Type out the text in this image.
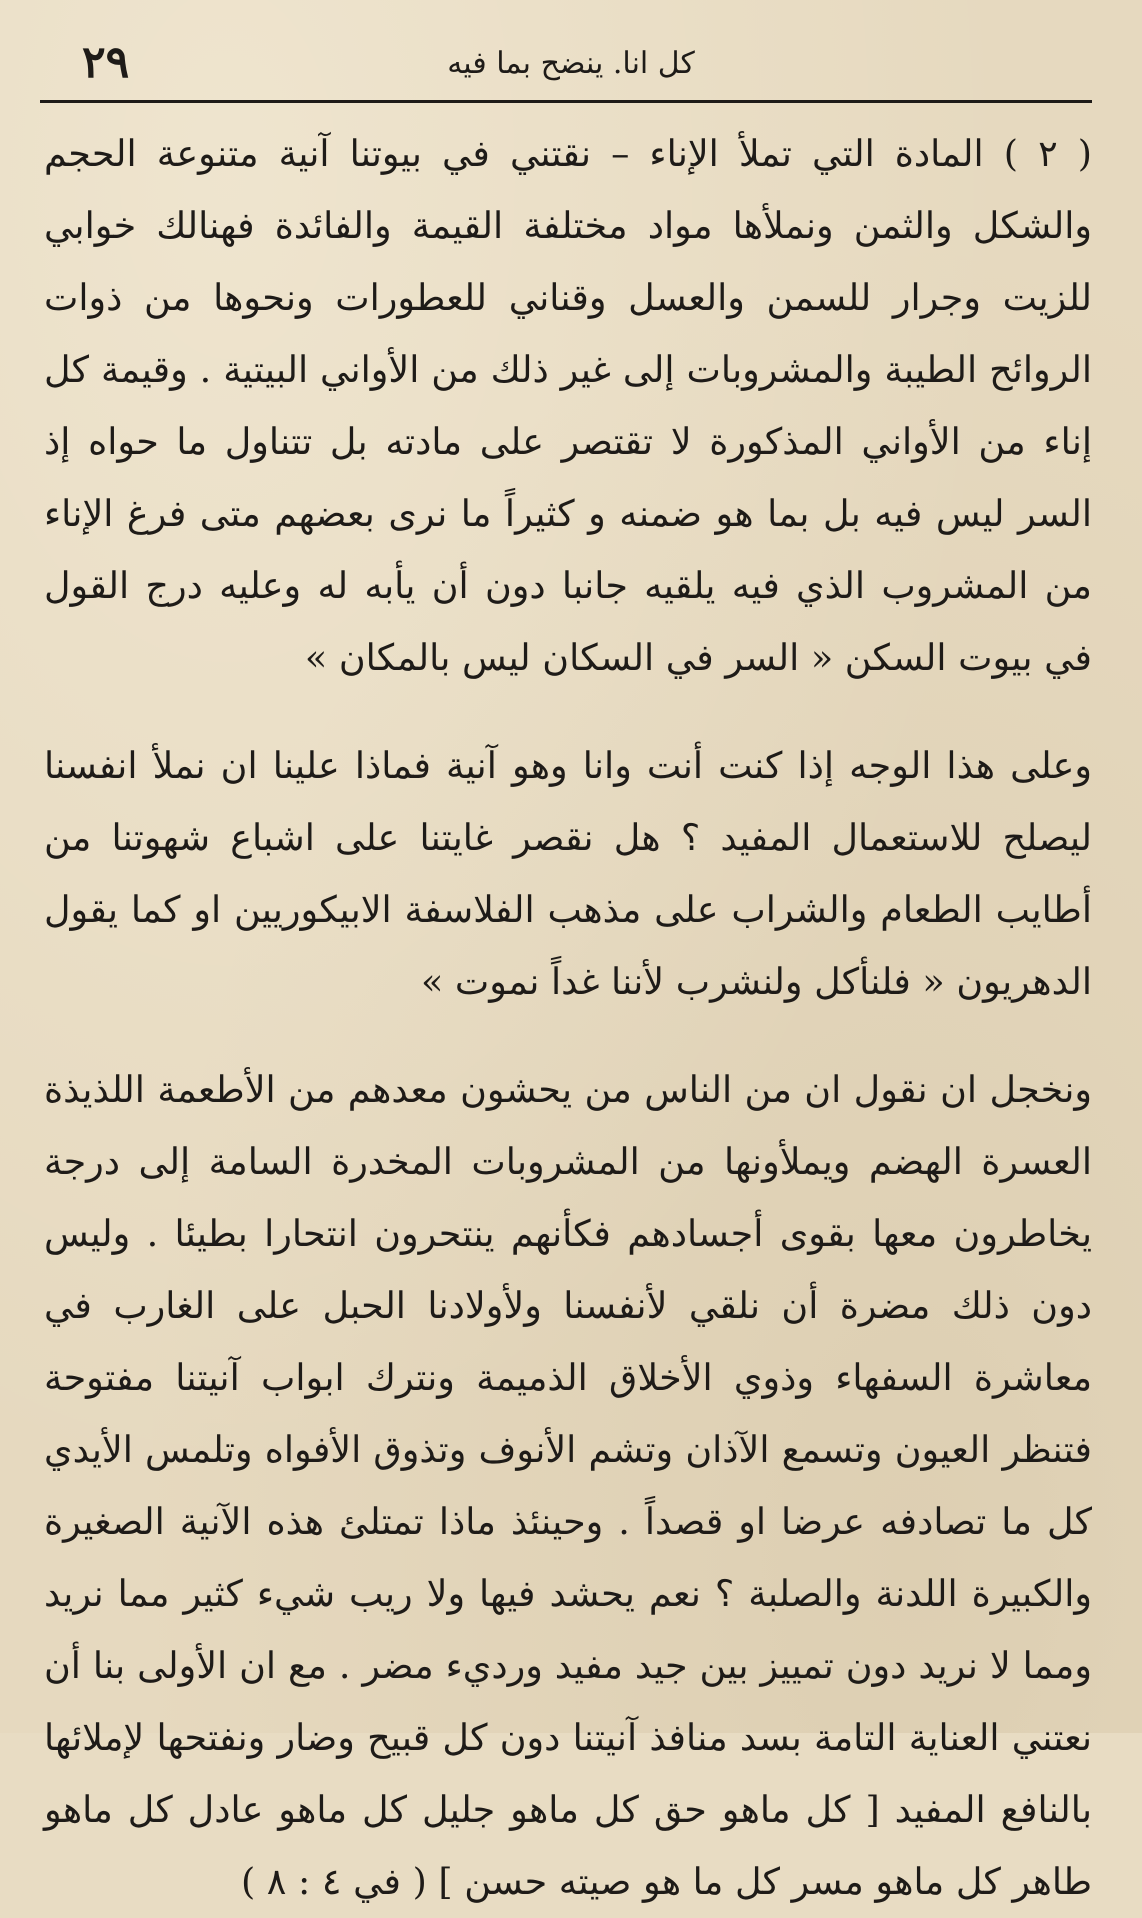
٢٩	كل انا. ينضح بما فيه

( ٢ ) المادة التي تملأ الإناء – نقتني في بيوتنا آنية متنوعة الحجم والشكل والثمن ونملأها مواد مختلفة القيمة والفائدة فهنالك خوابي للزيت وجرار للسمن والعسل وقناني للعطورات ونحوها من ذوات الروائح الطيبة والمشروبات إلى غير ذلك من الأواني البيتية . وقيمة كل إناء من الأواني المذكورة لا تقتصر على مادته بل تتناول ما حواه إذ السر ليس فيه بل بما هو ضمنه و كثيراً ما نرى بعضهم متى فرغ الإناء من المشروب الذي فيه يلقيه جانبا دون أن يأبه له وعليه درج القول في بيوت السكن « السر في السكان ليس بالمكان »

وعلى هذا الوجه إذا كنت أنت وانا وهو آنية فماذا علينا ان نملأ انفسنا ليصلح للاستعمال المفيد ؟ هل نقصر غايتنا على اشباع شهوتنا من أطايب الطعام والشراب على مذهب الفلاسفة الابيكوريين او كما يقول الدهريون « فلنأكل ولنشرب لأننا غداً نموت »

ونخجل ان نقول ان من الناس من يحشون معدهم من الأطعمة اللذيذة العسرة الهضم ويملأونها من المشروبات المخدرة السامة إلى درجة يخاطرون معها بقوى أجسادهم فكأنهم ينتحرون انتحارا بطيئا . وليس دون ذلك مضرة أن نلقي لأنفسنا ولأولادنا الحبل على الغارب في معاشرة السفهاء وذوي الأخلاق الذميمة ونترك ابواب آنيتنا مفتوحة فتنظر العيون وتسمع الآذان وتشم الأنوف وتذوق الأفواه وتلمس الأيدي كل ما تصادفه عرضا او قصداً . وحينئذ ماذا تمتلئ هذه الآنية الصغيرة والكبيرة اللدنة والصلبة ؟ نعم يحشد فيها ولا ريب شيء كثير مما نريد ومما لا نريد دون تمييز بين جيد مفيد ورديء مضر . مع ان الأولى بنا أن نعتني العناية التامة بسد منافذ آنيتنا دون كل قبيح وضار ونفتحها لإملائها بالنافع المفيد [ كل ماهو حق كل ماهو جليل كل ماهو عادل كل ماهو طاهر كل ماهو مسر كل ما هو صيته حسن ] ( في ٤ : ٨ )
